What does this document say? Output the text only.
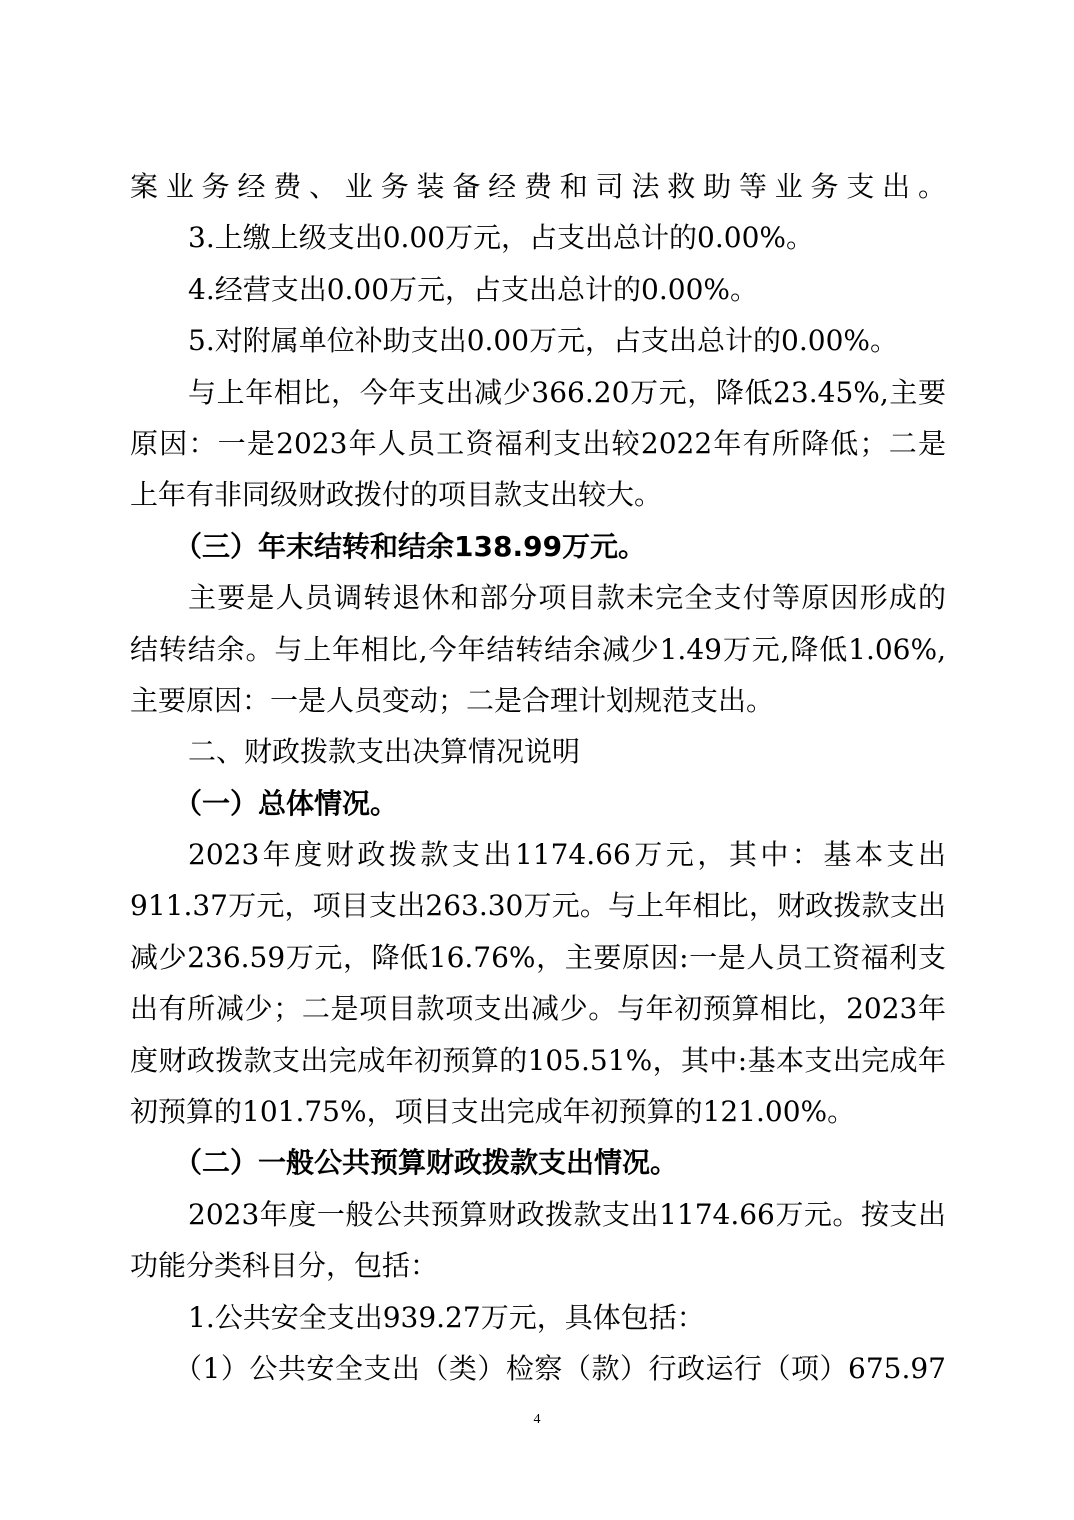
案业务经费、业务装备经费和司法救助等业务支出。
3.上缴上级支出0.00万元，占支出总计的0.00%。
4.经营支出0.00万元，占支出总计的0.00%。
5.对附属单位补助支出0.00万元，占支出总计的0.00%。
与上年相比，今年支出减少366.20万元，降低23.45%,主要
原因：一是2023年人员工资福利支出较2022年有所降低；二是
上年有非同级财政拨付的项目款支出较大。
（三）年末结转和结余138.99万元。
主要是人员调转退休和部分项目款未完全支付等原因形成的
结转结余。与上年相比,今年结转结余减少1.49万元,降低1.06%,
主要原因：一是人员变动；二是合理计划规范支出。
二、财政拨款支出决算情况说明
（一）总体情况。
2023年度财政拨款支出1174.66万元，其中：基本支出
911.37万元，项目支出263.30万元。与上年相比，财政拨款支出
减少236.59万元，降低16.76%，主要原因:一是人员工资福利支
出有所减少；二是项目款项支出减少。与年初预算相比，2023年
度财政拨款支出完成年初预算的105.51%，其中:基本支出完成年
初预算的101.75%，项目支出完成年初预算的121.00%。
（二）一般公共预算财政拨款支出情况。
2023年度一般公共预算财政拨款支出1174.66万元。按支出
功能分类科目分，包括：
1.公共安全支出939.27万元，具体包括：
（1）公共安全支出（类）检察（款）行政运行（项）675.97
4
